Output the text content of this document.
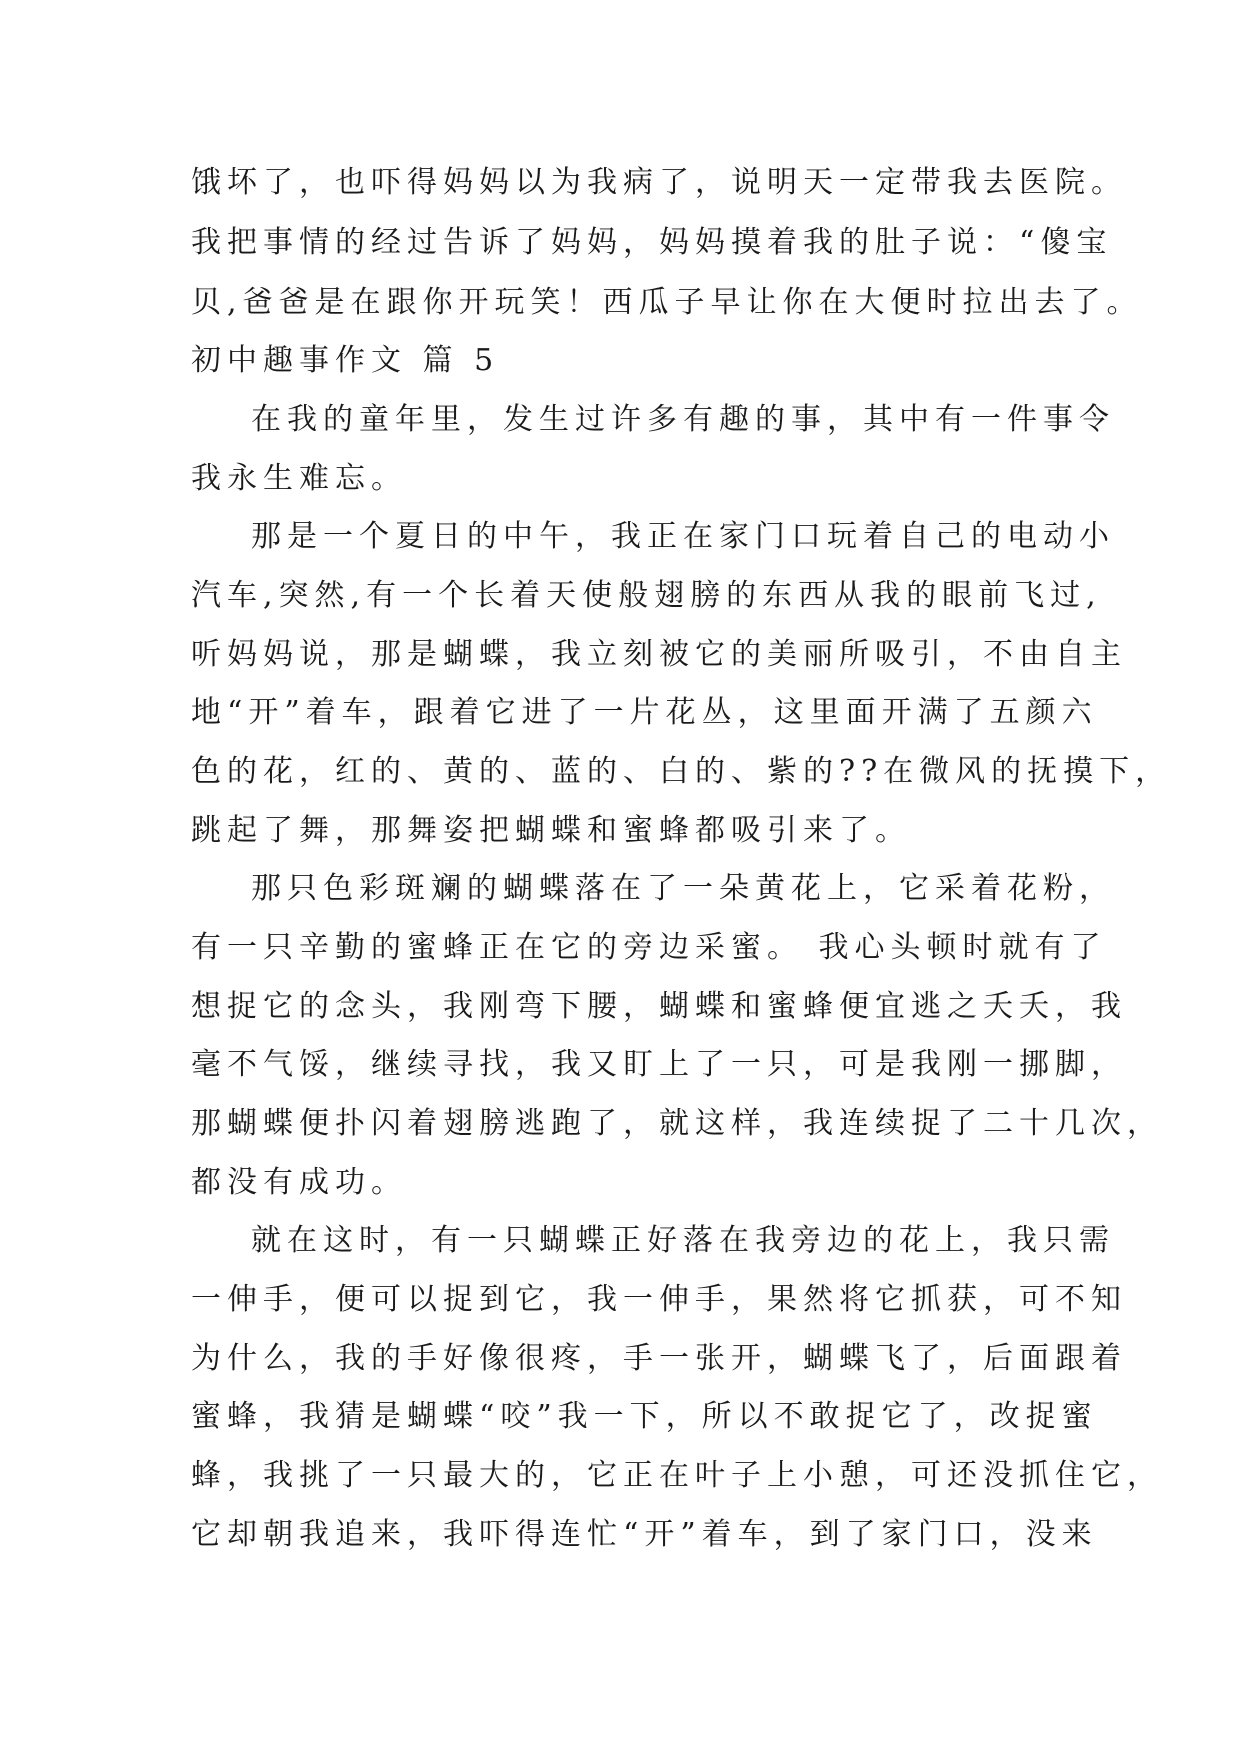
饿坏了，也吓得妈妈以为我病了，说明天一定带我去医院。

我把事情的经过告诉了妈妈，妈妈摸着我的肚子说：“傻宝

贝,爸爸是在跟你开玩笑！西瓜子早让你在大便时拉出去了。

初中趣事作文 篇 5

在我的童年里，发生过许多有趣的事，其中有一件事令

我永生难忘。

那是一个夏日的中午，我正在家门口玩着自己的电动小

汽车,突然,有一个长着天使般翅膀的东西从我的眼前飞过,

听妈妈说，那是蝴蝶，我立刻被它的美丽所吸引，不由自主

地“开”着车，跟着它进了一片花丛，这里面开满了五颜六

色的花，红的、黄的、蓝的、白的、紫的??在微风的抚摸下，

跳起了舞，那舞姿把蝴蝶和蜜蜂都吸引来了。

那只色彩斑斓的蝴蝶落在了一朵黄花上，它采着花粉，

有一只辛勤的蜜蜂正在它的旁边采蜜。 我心头顿时就有了

想捉它的念头，我刚弯下腰，蝴蝶和蜜蜂便宜逃之夭夭，我

毫不气馁，继续寻找，我又盯上了一只，可是我刚一挪脚，

那蝴蝶便扑闪着翅膀逃跑了，就这样，我连续捉了二十几次，

都没有成功。

就在这时，有一只蝴蝶正好落在我旁边的花上，我只需

一伸手，便可以捉到它，我一伸手，果然将它抓获，可不知

为什么，我的手好像很疼，手一张开，蝴蝶飞了，后面跟着

蜜蜂，我猜是蝴蝶“咬”我一下，所以不敢捉它了，改捉蜜

蜂，我挑了一只最大的，它正在叶子上小憩，可还没抓住它，

它却朝我追来，我吓得连忙“开”着车，到了家门口，没来
